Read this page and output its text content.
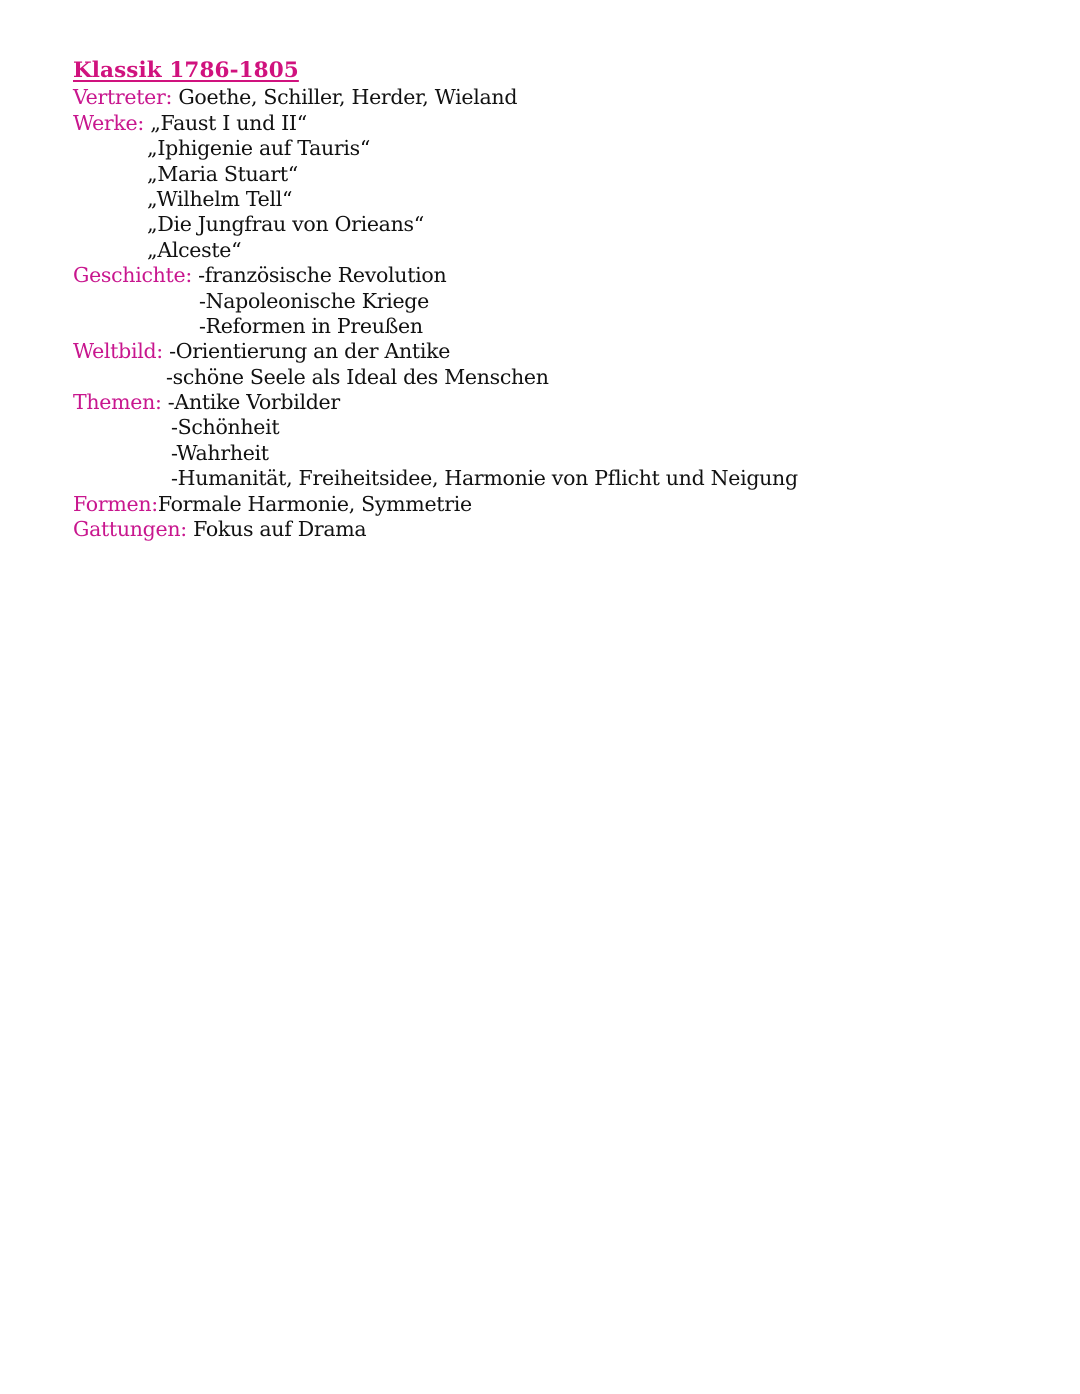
Klassik 1786-1805
Vertreter: Goethe, Schiller, Herder, Wieland
Werke: „Faust I und II“
„Iphigenie auf Tauris“
„Maria Stuart“
„Wilhelm Tell“
„Die Jungfrau von Orieans“
„Alceste“
Geschichte: -französische Revolution
-Napoleonische Kriege
-Reformen in Preußen
Weltbild: -Orientierung an der Antike
-schöne Seele als Ideal des Menschen
Themen: -Antike Vorbilder
-Schönheit
-Wahrheit
-Humanität, Freiheitsidee, Harmonie von Pflicht und Neigung
Formen:Formale Harmonie, Symmetrie
Gattungen: Fokus auf Drama
